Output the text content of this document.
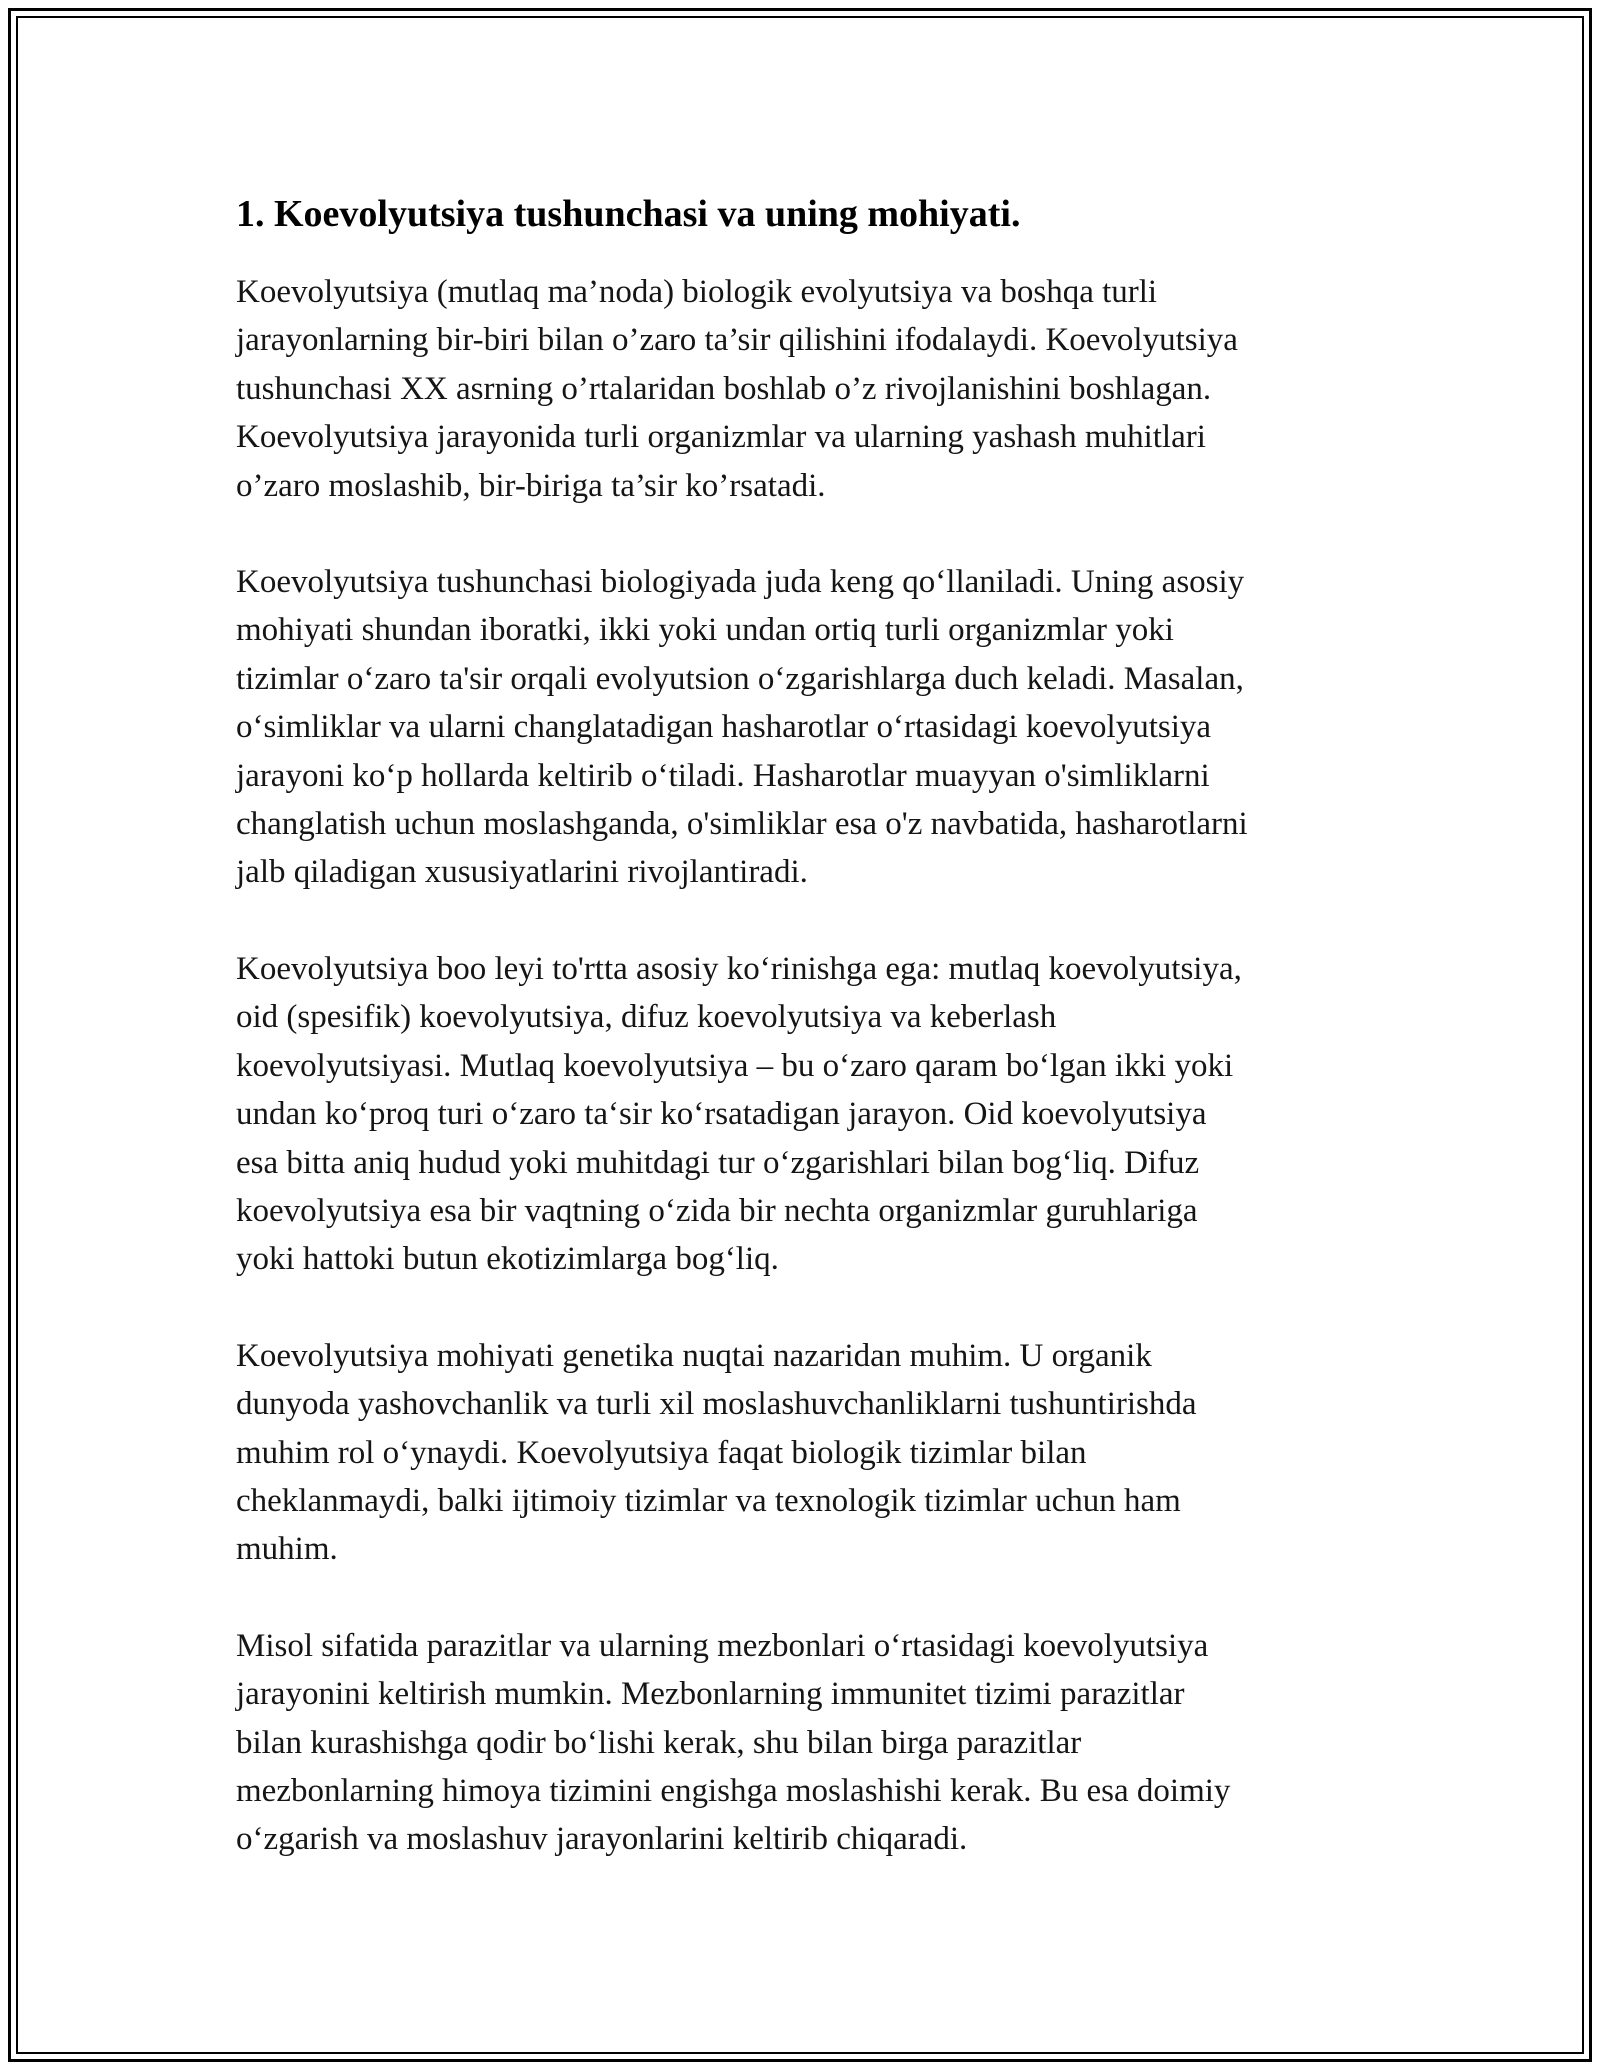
1. Koevolyutsiya tushunchasi va uning mohiyati.

Koevolyutsiya (mutlaq ma’noda) biologik evolyutsiya va boshqa turli
jarayonlarning bir-biri bilan o’zaro ta’sir qilishini ifodalaydi. Koevolyutsiya
tushunchasi XX asrning o’rtalaridan boshlab o’z rivojlanishini boshlagan.
Koevolyutsiya jarayonida turli organizmlar va ularning yashash muhitlari
o’zaro moslashib, bir-biriga ta’sir ko’rsatadi.

Koevolyutsiya tushunchasi biologiyada juda keng qo‘llaniladi. Uning asosiy
mohiyati shundan iboratki, ikki yoki undan ortiq turli organizmlar yoki
tizimlar o‘zaro ta'sir orqali evolyutsion o‘zgarishlarga duch keladi. Masalan,
o‘simliklar va ularni changlatadigan hasharotlar o‘rtasidagi koevolyutsiya
jarayoni ko‘p hollarda keltirib o‘tiladi. Hasharotlar muayyan o'simliklarni
changlatish uchun moslashganda, o'simliklar esa o'z navbatida, hasharotlarni
jalb qiladigan xususiyatlarini rivojlantiradi.

Koevolyutsiya boo leyi to'rtta asosiy ko‘rinishga ega: mutlaq koevolyutsiya,
oid (spesifik) koevolyutsiya, difuz koevolyutsiya va keberlash
koevolyutsiyasi. Mutlaq koevolyutsiya – bu o‘zaro qaram bo‘lgan ikki yoki
undan ko‘proq turi o‘zaro ta‘sir ko‘rsatadigan jarayon. Oid koevolyutsiya
esa bitta aniq hudud yoki muhitdagi tur o‘zgarishlari bilan bog‘liq. Difuz
koevolyutsiya esa bir vaqtning o‘zida bir nechta organizmlar guruhlariga
yoki hattoki butun ekotizimlarga bog‘liq.

Koevolyutsiya mohiyati genetika nuqtai nazaridan muhim. U organik
dunyoda yashovchanlik va turli xil moslashuvchanliklarni tushuntirishda
muhim rol o‘ynaydi. Koevolyutsiya faqat biologik tizimlar bilan
cheklanmaydi, balki ijtimoiy tizimlar va texnologik tizimlar uchun ham
muhim.

Misol sifatida parazitlar va ularning mezbonlari o‘rtasidagi koevolyutsiya
jarayonini keltirish mumkin. Mezbonlarning immunitet tizimi parazitlar
bilan kurashishga qodir bo‘lishi kerak, shu bilan birga parazitlar
mezbonlarning himoya tizimini engishga moslashishi kerak. Bu esa doimiy
o‘zgarish va moslashuv jarayonlarini keltirib chiqaradi.
